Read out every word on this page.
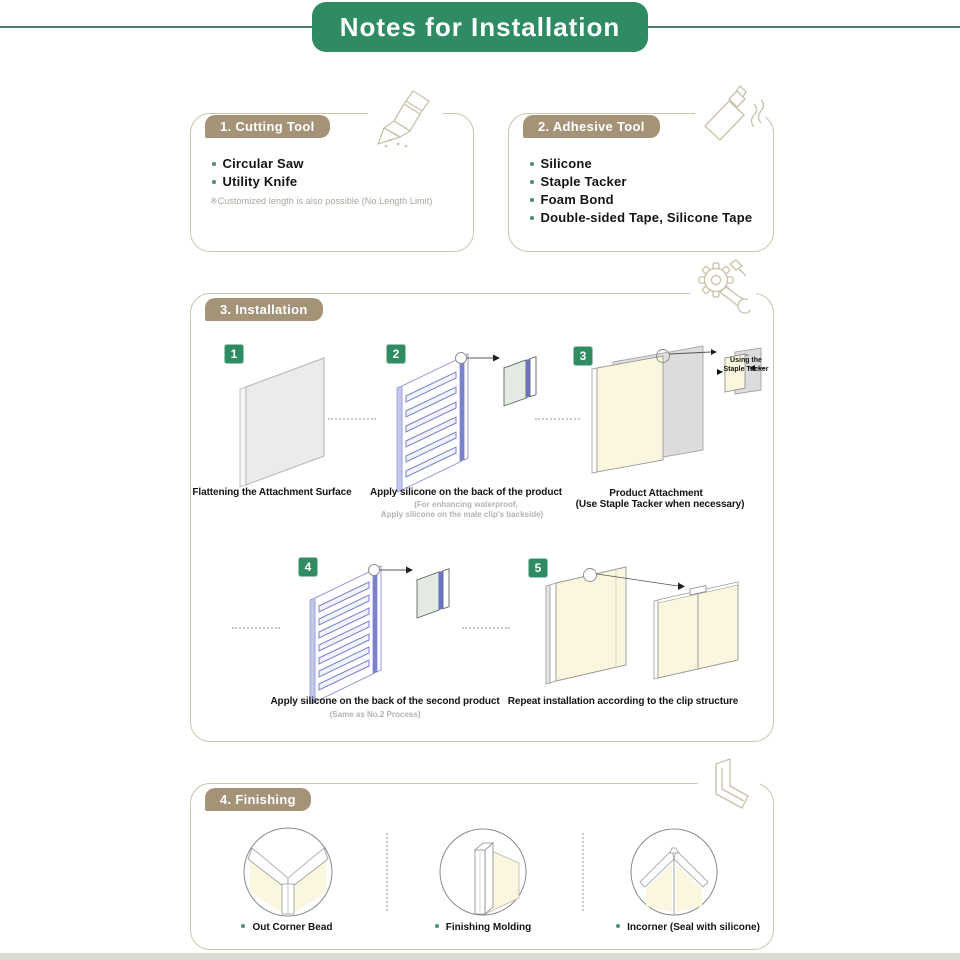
Notes for Installation
1. Cutting Tool
Circular Saw
Utility Knife
※Customized length is also possible (No Length Limit)
2. Adhesive Tool
Silicone
Staple Tacker
Foam Bond
Double-sided Tape, Silicone Tape
3. Installation
1
Flattening the Attachment Surface
2
Apply silicone on the back of the product
(For enhancing waterproof,
Apply silicone on the male clip's backside)
3	Using the
Staple Tacker
Product Attachment
(Use Staple Tacker when necessary)
4
Apply silicone on the back of the second product
(Same as No.2 Process)
5
Repeat installation according to the clip structure
4. Finishing
Out Corner Bead	Finishing Molding	Incorner (Seal with silicone)
